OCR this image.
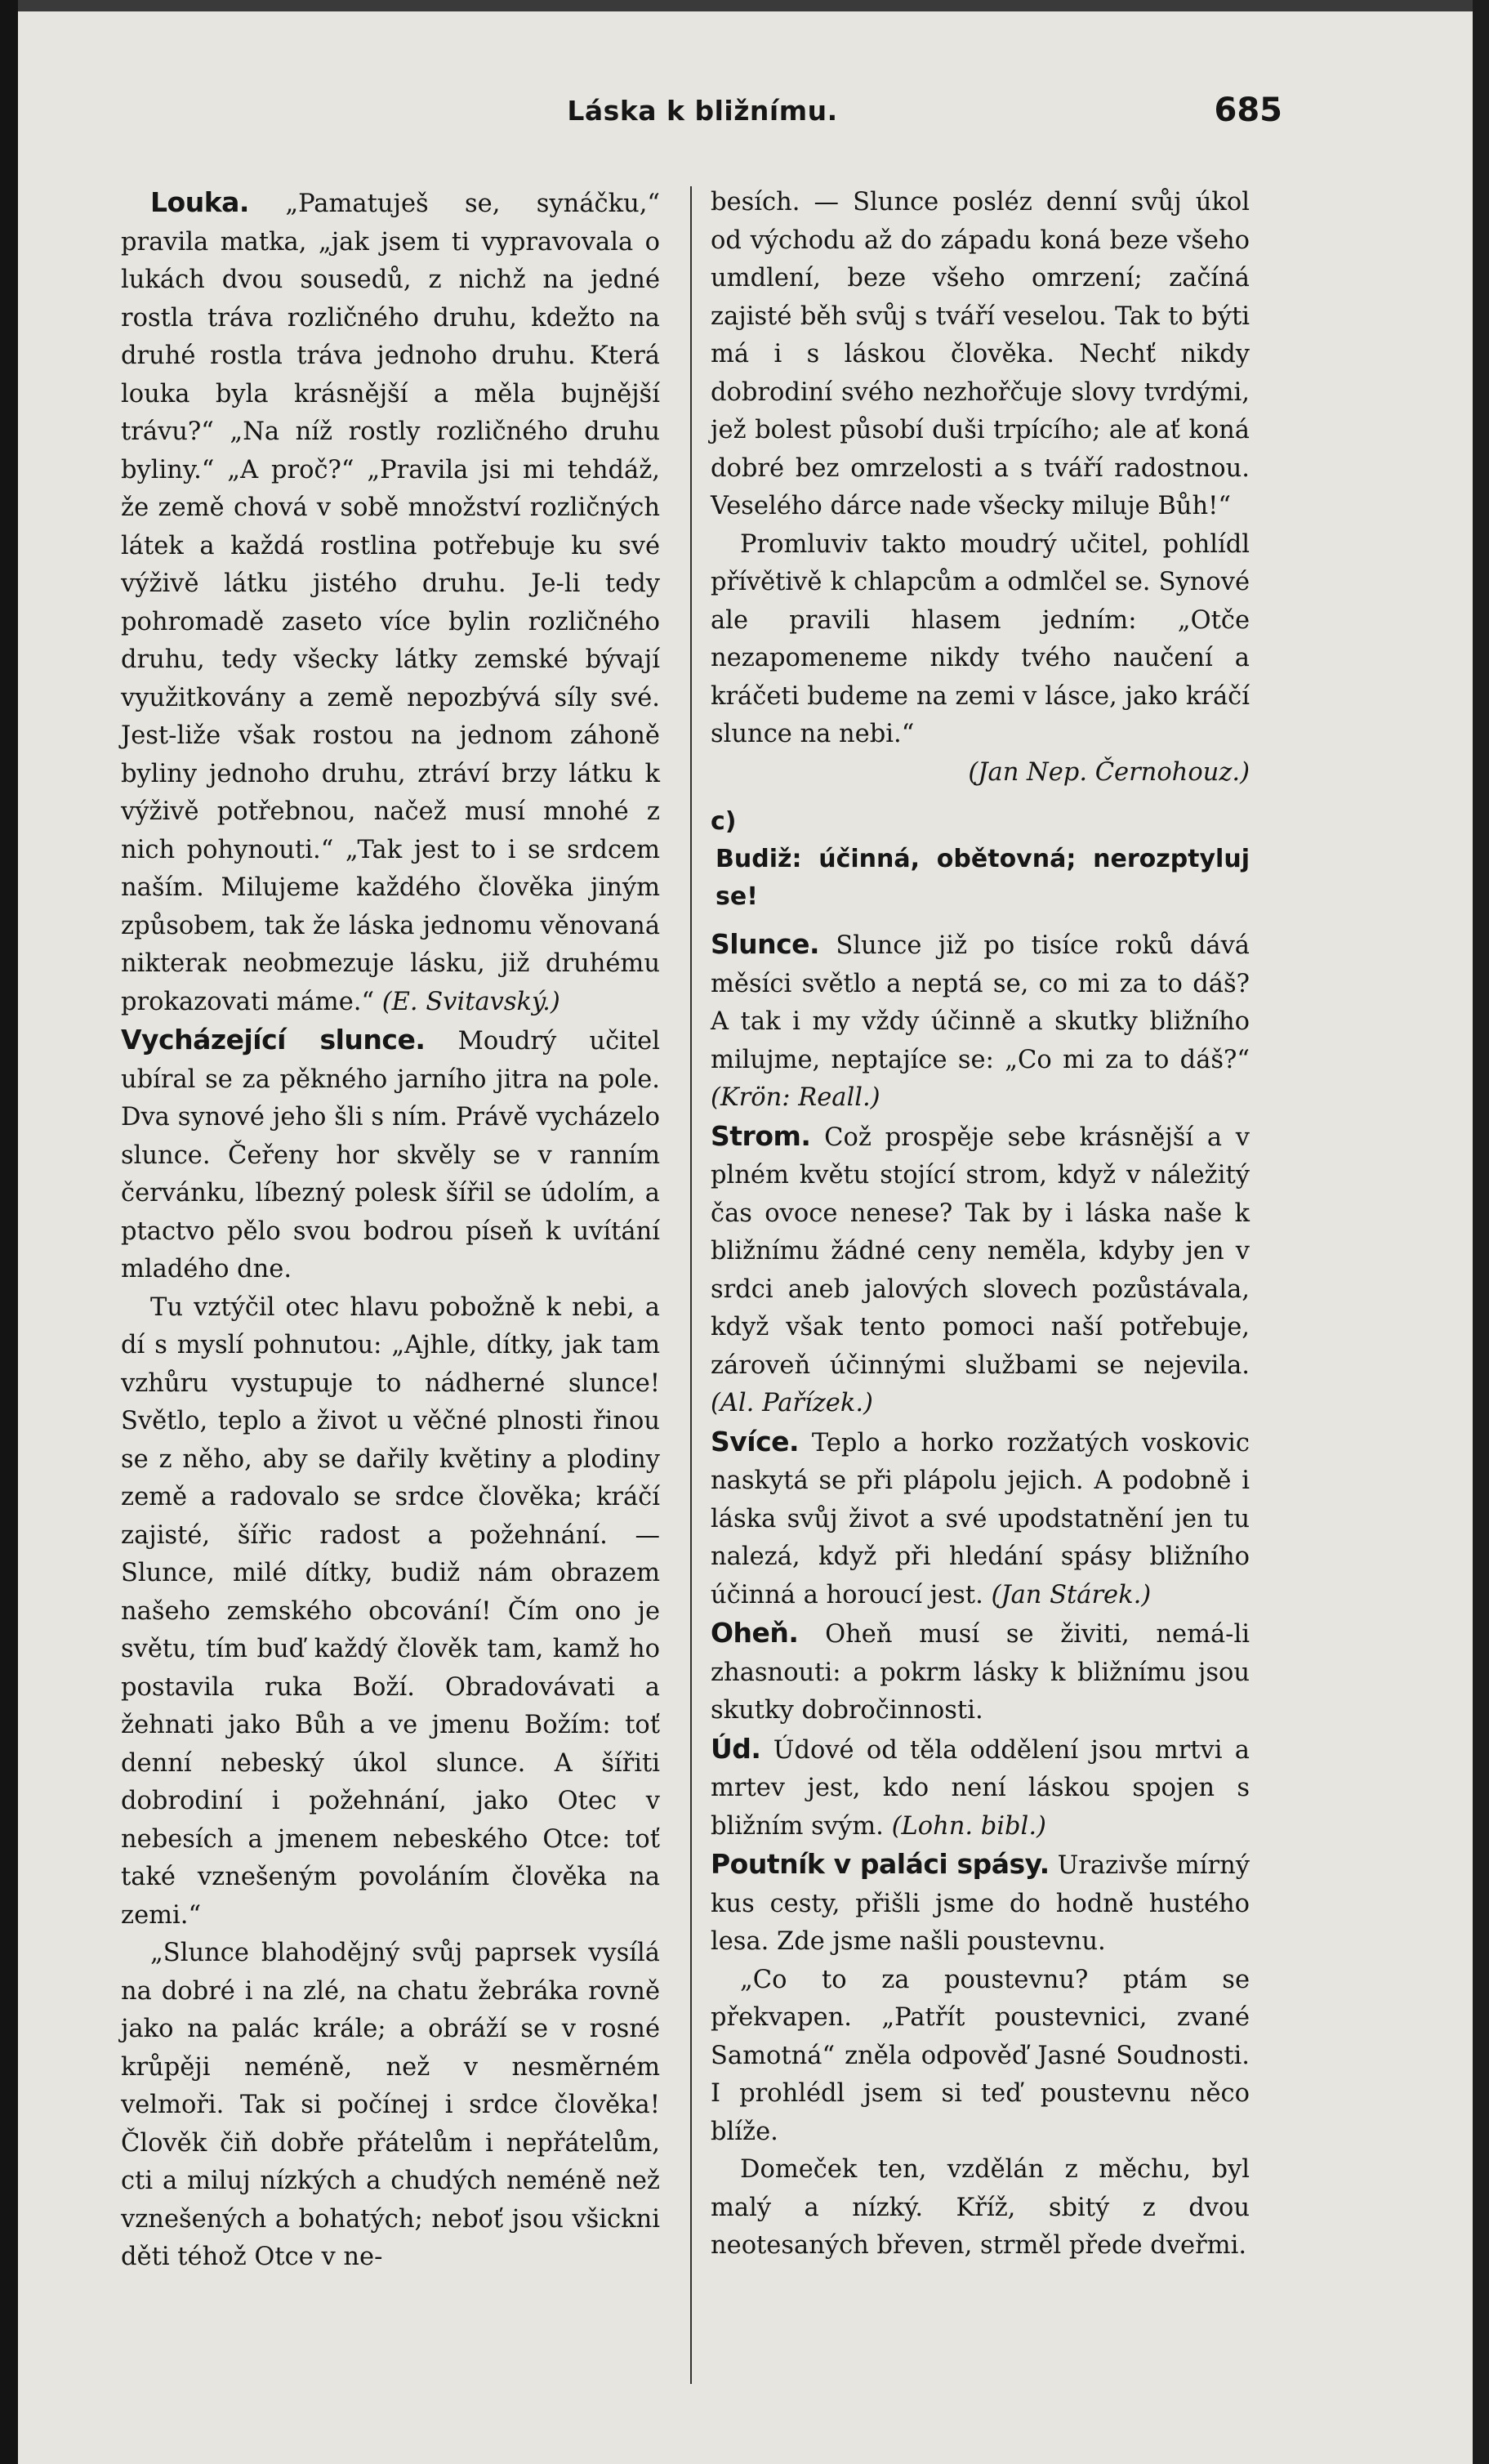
Láska k bližnímu.	685

Louka. „Pamatuješ se, synáčku,“ pravila matka, „jak jsem ti vypravovala o lukách dvou sousedů, z nichž na jedné rostla tráva rozličného druhu, kdežto na druhé rostla tráva jednoho druhu. Která louka byla krásnější a měla bujnější trávu?“ „Na níž rostly rozličného druhu byliny.“ „A proč?“ „Pravila jsi mi tehdáž, že země chová v sobě množství rozličných látek a každá rostlina potřebuje ku své výživě látku jistého druhu. Je-li tedy pohromadě zaseto více bylin rozličného druhu, tedy všecky látky zemské bývají využitkovány a země nepozbývá síly své. Jest-liže však rostou na jednom záhoně byliny jednoho druhu, ztráví brzy látku k výživě potřebnou, načež musí mnohé z nich pohynouti.“ „Tak jest to i se srdcem naším. Milujeme každého člověka jiným způsobem, tak že láska jednomu věnovaná nikterak neobmezuje lásku, již druhému prokazovati máme.“ (E. Svitavský.)

Vycházející slunce. Moudrý učitel ubíral se za pěkného jarního jitra na pole. Dva synové jeho šli s ním. Právě vycházelo slunce. Čeřeny hor skvěly se v ranním červánku, líbezný polesk šířil se údolím, a ptactvo pělo svou bodrou píseň k uvítání mladého dne.

Tu vztýčil otec hlavu pobožně k nebi, a dí s myslí pohnutou: „Ajhle, dítky, jak tam vzhůru vystupuje to nádherné slunce! Světlo, teplo a život u věčné plnosti řinou se z něho, aby se dařily květiny a plodiny země a radovalo se srdce člověka; kráčí zajisté, šířic radost a požehnání. — Slunce, milé dítky, budiž nám obrazem našeho zemského obcování! Čím ono je světu, tím buď každý člověk tam, kamž ho postavila ruka Boží. Obradovávati a žehnati jako Bůh a ve jmenu Božím: toť denní nebeský úkol slunce. A šířiti dobrodiní i požehnání, jako Otec v nebesích a jmenem nebeského Otce: toť také vznešeným povoláním člověka na zemi.“

„Slunce blahodějný svůj paprsek vysílá na dobré i na zlé, na chatu žebráka rovně jako na palác krále; a obráží se v rosné krůpěji neméně, než v nesměrném velmoři. Tak si počínej i srdce člověka! Člověk čiň dobře přátelům i nepřátelům, cti a miluj nízkých a chudých neméně než vznešených a bohatých; neboť jsou všickni děti téhož Otce v ne-

besích. — Slunce posléz denní svůj úkol od východu až do západu koná beze všeho umdlení, beze všeho omrzení; začíná zajisté běh svůj s tváří veselou. Tak to býti má i s láskou člověka. Nechť nikdy dobrodiní svého nezhořčuje slovy tvrdými, jež bolest působí duši trpícího; ale ať koná dobré bez omrzelosti a s tváří radostnou. Veselého dárce nade všecky miluje Bůh!“

Promluviv takto moudrý učitel, pohlídl přívětivě k chlapcům a odmlčel se. Synové ale pravili hlasem jedním: „Otče nezapomeneme nikdy tvého naučení a kráčeti budeme na zemi v lásce, jako kráčí slunce na nebi.“

(Jan Nep. Černohouz.)

c) Budiž: účinná, obětovná; nerozptyluj se!

Slunce. Slunce již po tisíce roků dává měsíci světlo a neptá se, co mi za to dáš? A tak i my vždy účinně a skutky bližního milujme, neptajíce se: „Co mi za to dáš?“ (Krön: Reall.)

Strom. Což prospěje sebe krásnější a v plném květu stojící strom, když v náležitý čas ovoce nenese? Tak by i láska naše k bližnímu žádné ceny neměla, kdyby jen v srdci aneb jalových slovech pozůstávala, když však tento pomoci naší potřebuje, zároveň účinnými službami se nejevila. (Al. Pařízek.)

Svíce. Teplo a horko rozžatých voskovic naskytá se při plápolu jejich. A podobně i láska svůj život a své upodstatnění jen tu nalezá, když při hledání spásy bližního účinná a horoucí jest. (Jan Stárek.)

Oheň. Oheň musí se živiti, nemá-li zhasnouti: a pokrm lásky k bližnímu jsou skutky dobročinnosti.

Úd. Údové od těla oddělení jsou mrtvi a mrtev jest, kdo není láskou spojen s bližním svým. (Lohn. bibl.)

Poutník v paláci spásy. Urazivše mírný kus cesty, přišli jsme do hodně hustého lesa. Zde jsme našli poustevnu.

„Co to za poustevnu? ptám se překvapen. „Patřít poustevnici, zvané Samotná“ zněla odpověď Jasné Soudnosti. I prohlédl jsem si teď poustevnu něco blíže.

Domeček ten, vzdělán z měchu, byl malý a nízký. Kříž, sbitý z dvou neotesaných břeven, strměl přede dveřmi.
